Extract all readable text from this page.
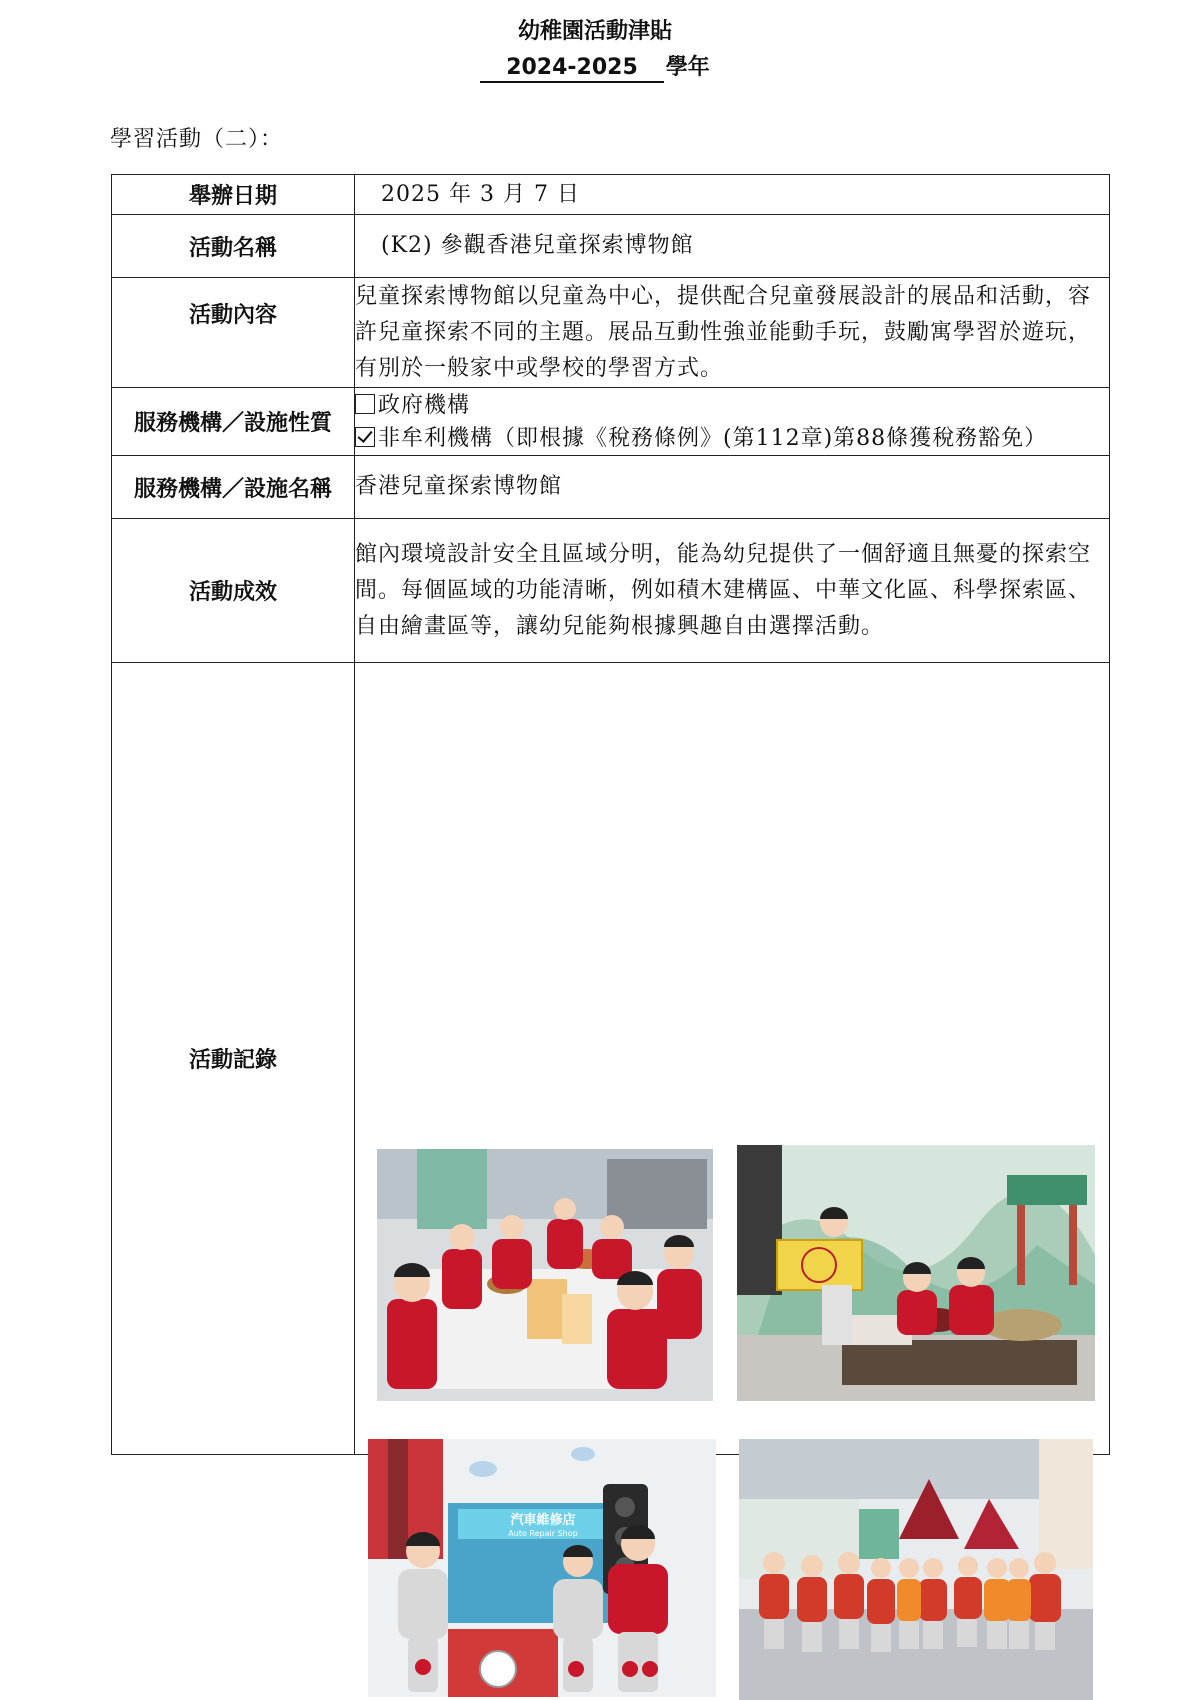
幼稚園活動津貼
2024-2025 學年
學習活動（二）：
舉辦日期	2025 年 3 月 7 日
活動名稱	(K2) 參觀香港兒童探索博物館
活動內容	兒童探索博物館以兒童為中心，提供配合兒童發展設計的展品和活動，容許兒童探索不同的主題。展品互動性強並能動手玩，鼓勵寓學習於遊玩，有別於一般家中或學校的學習方式。
服務機構／設施性質	政府機構
非牟利機構（即根據《稅務條例》(第112章)第88條獲稅務豁免）

服務機構／設施名稱	香港兒童探索博物館
活動成效	館內環境設計安全且區域分明，能為幼兒提供了一個舒適且無憂的探索空間。每個區域的功能清晰，例如積木建構區、中華文化區、科學探索區、自由繪畫區等，讓幼兒能夠根據興趣自由選擇活動。
活動記錄	汽車維修店
Auto Repair Shop
